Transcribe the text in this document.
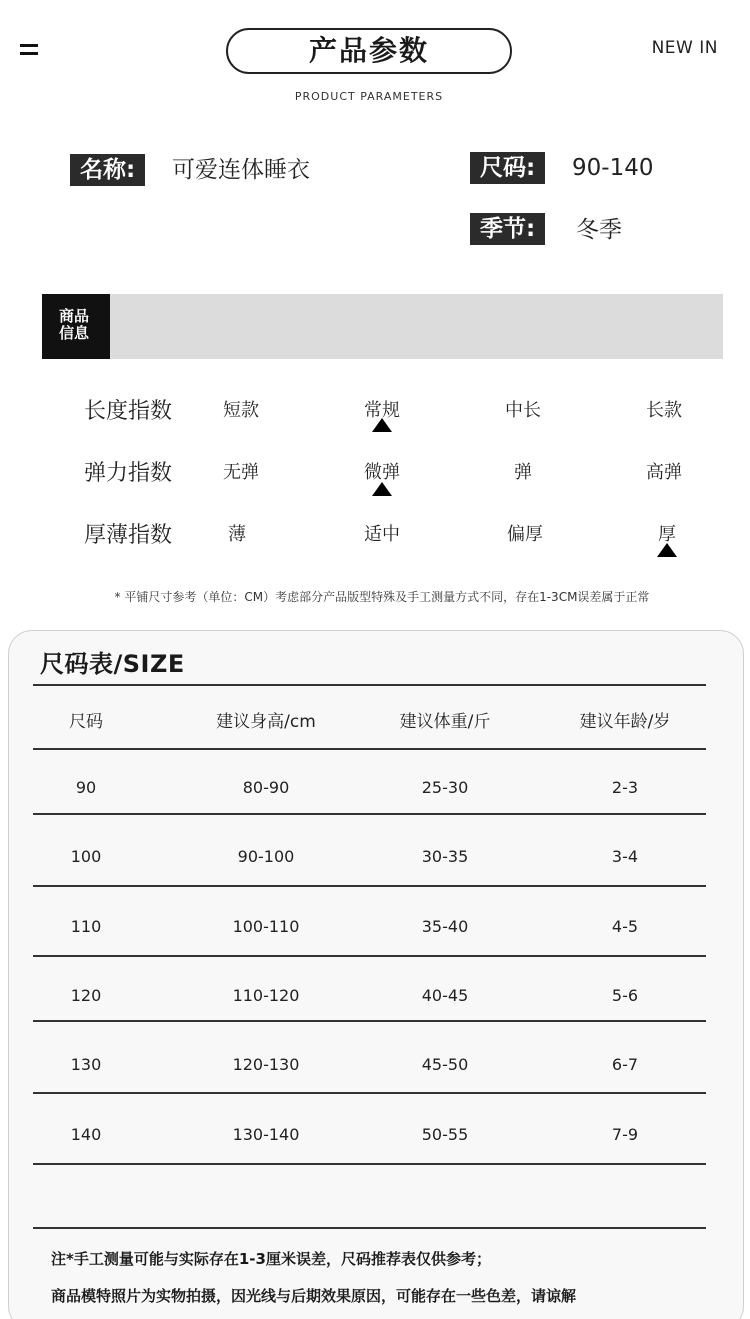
产品参数
PRODUCT PARAMETERS
NEW IN
名称:	可爱连体睡衣	尺码:	90-140
季节:	冬季
商品
信息
长度指数	短款	常规	中长	长款
弹力指数	无弹	微弹	弹	高弹
厚薄指数	薄	适中	偏厚	厚
* 平铺尺寸参考（单位：CM）考虑部分产品版型特殊及手工测量方式不同，存在1-3CM误差属于正常
尺码表/SIZE
尺码	建议身高/cm	建议体重/斤	建议年龄/岁
90	80-90	25-30	2-3
100	90-100	30-35	3-4
110	100-110	35-40	4-5
120	110-120	40-45	5-6
130	120-130	45-50	6-7
140	130-140	50-55	7-9
注*手工测量可能与实际存在1-3厘米误差，尺码推荐表仅供参考；
商品模特照片为实物拍摄，因光线与后期效果原因，可能存在一些色差，请谅解
